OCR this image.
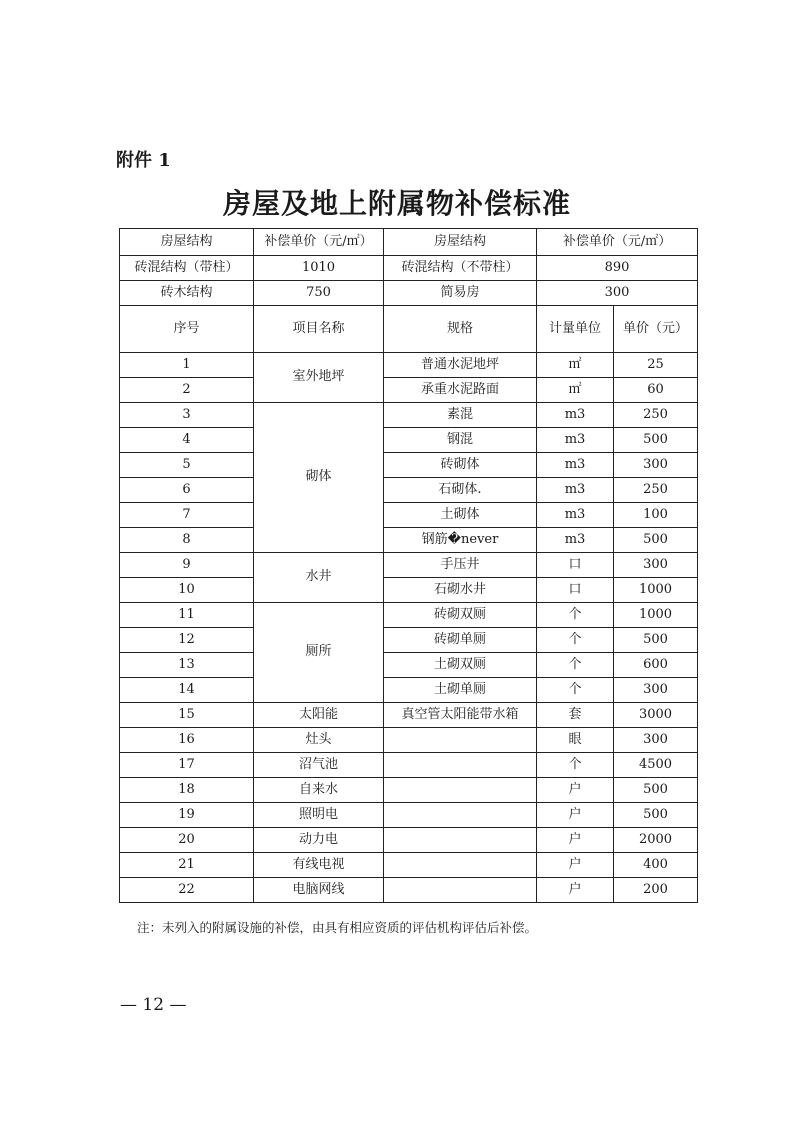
附件 1
房屋及地上附属物补偿标准
房屋结构	补偿单价（元/㎡）	房屋结构	补偿单价（元/㎡）	
砖混结构（带柱）	1010	砖混结构（不带柱）	890	
砖木结构	750	简易房	300	
序号	项目名称	规格	计量单位	单价（元）
1	室外地坪	普通水泥地坪	㎡	25
2		承重水泥路面	㎡	60
3	砌体	素混	m3	250
4		钢混	m3	500
5		砖砌体	m3	300
6		石砌体.	m3	250
7		土砌体	m3	100
8		钢筋�never	m3	500
9	水井	手压井	口	300
10		石砌水井	口	1000
11	厕所	砖砌双厕	个	1000
12		砖砌单厕	个	500
13		土砌双厕	个	600
14		土砌单厕	个	300
15	太阳能	真空管太阳能带水箱	套	3000
16	灶头		眼	300
17	沼气池		个	4500
18	自来水		户	500
19	照明电		户	500
20	动力电		户	2000
21	有线电视		户	400
22	电脑网线		户	200
注：未列入的附属设施的补偿，由具有相应资质的评估机构评估后补偿。
— 12 —
